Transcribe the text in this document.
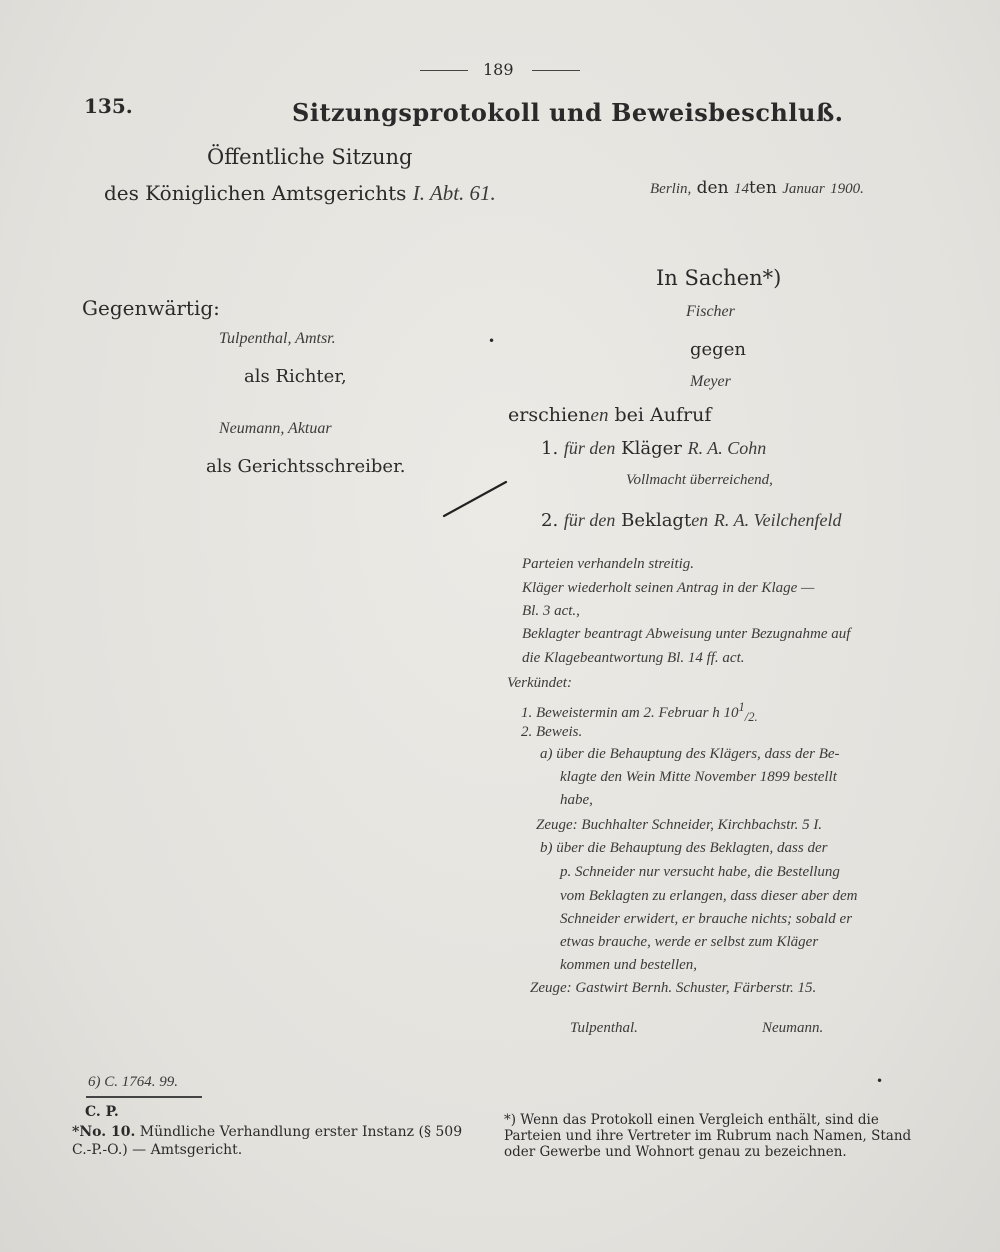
189
135.	Sitzungsprotokoll und Beweisbeschluß.
Öffentliche Sitzung
des Königlichen Amtsgerichts I. Abt. 61.	Berlin, den 14ten Januar 1900.
In Sachen*)
Fischer
gegen
Meyer
Gegenwärtig:
Tulpenthal, Amtsr.
als Richter,
Neumann, Aktuar
als Gerichtsschreiber.
•
erschienen bei Aufruf
1. für den Kläger R. A. Cohn
Vollmacht überreichend,
2. für den Beklagten R. A. Veilchenfeld
Parteien verhandeln streitig.
Kläger wiederholt seinen Antrag in der Klage —
Bl. 3 act.,
Beklagter beantragt Abweisung unter Bezugnahme auf
die Klagebeantwortung Bl. 14 ff. act.
Verkündet:
1. Beweistermin am 2. Februar h $10^1_{/2.}$
2. Beweis.
a) über die Behauptung des Klägers, dass der Be-
klagte den Wein Mitte November 1899 bestellt
habe,
Zeuge: Buchhalter Schneider, Kirchbachstr. 5 I.
b) über die Behauptung des Beklagten, dass der
p. Schneider nur versucht habe, die Bestellung
vom Beklagten zu erlangen, dass dieser aber dem
Schneider erwidert, er brauche nichts; sobald er
etwas brauche, werde er selbst zum Kläger
kommen und bestellen,
Zeuge: Gastwirt Bernh. Schuster, Färberstr. 15.
Tulpenthal.	Neumann.
6) C. 1764. 99.	•
C. P.
*No. 10. Mündliche Verhandlung erster Instanz (§ 509
C.-P.-O.) — Amtsgericht.
*) Wenn das Protokoll einen Vergleich enthält, sind die
Parteien und ihre Vertreter im Rubrum nach Namen, Stand
oder Gewerbe und Wohnort genau zu bezeichnen.
